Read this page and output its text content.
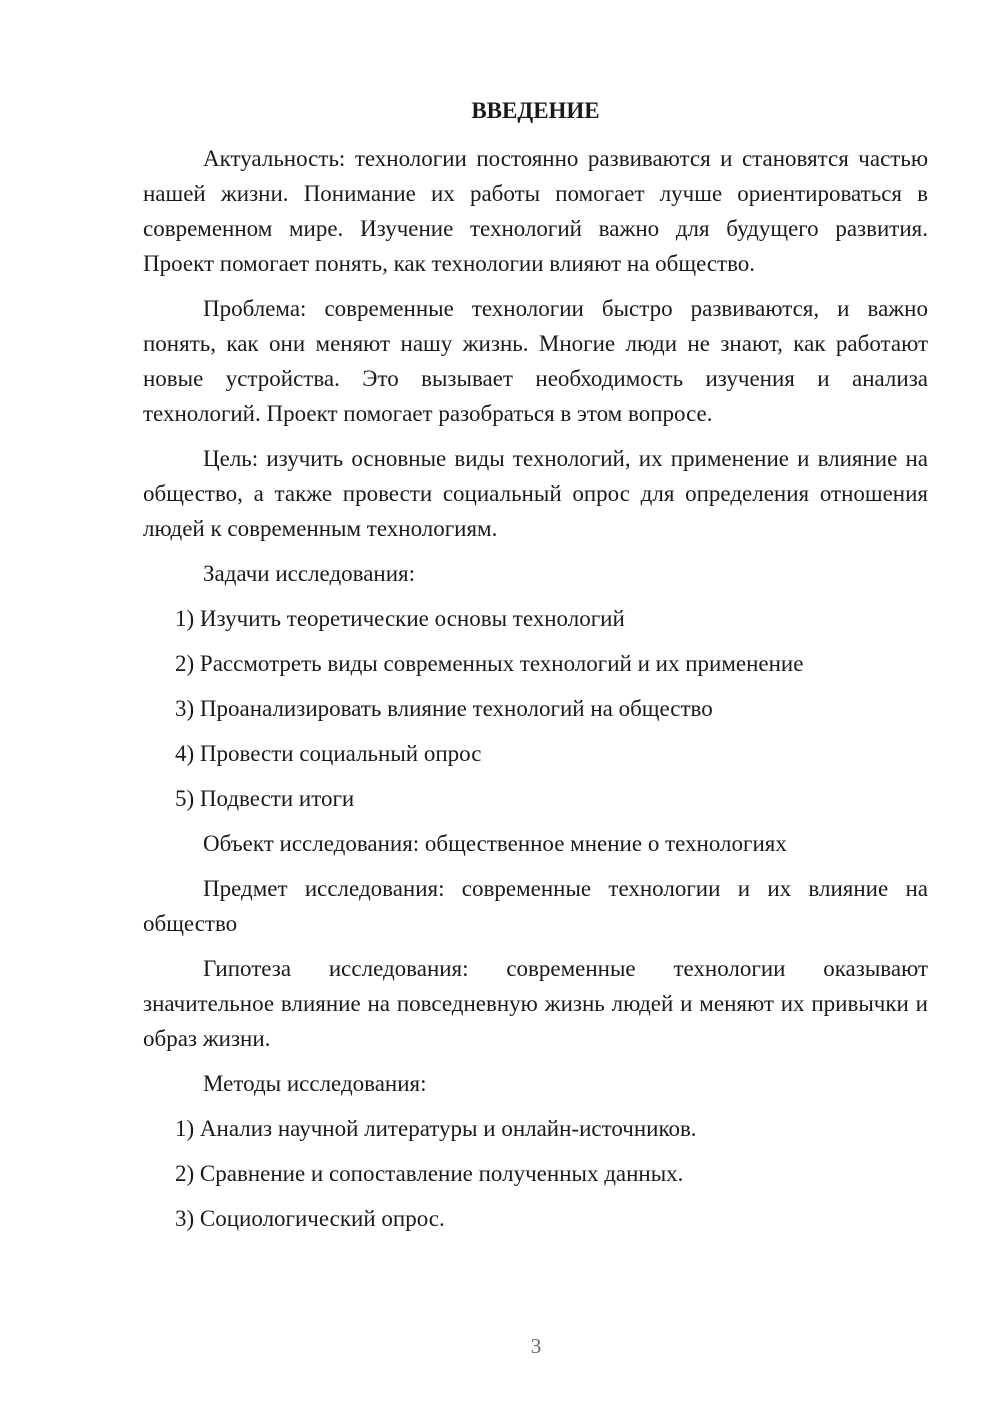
ВВЕДЕНИЕ

Актуальность: технологии постоянно развиваются и становятся частью нашей жизни. Понимание их работы помогает лучше ориентироваться в современном мире. Изучение технологий важно для будущего развития. Проект помогает понять, как технологии влияют на общество.

Проблема: современные технологии быстро развиваются, и важно понять, как они меняют нашу жизнь. Многие люди не знают, как работают новые устройства. Это вызывает необходимость изучения и анализа технологий. Проект помогает разобраться в этом вопросе.

Цель: изучить основные виды технологий, их применение и влияние на общество, а также провести социальный опрос для определения отношения людей к современным технологиям.

Задачи исследования:
1) Изучить теоретические основы технологий
2) Рассмотреть виды современных технологий и их применение
3) Проанализировать влияние технологий на общество
4) Провести социальный опрос
5) Подвести итоги
Объект исследования: общественное мнение о технологиях

Предмет исследования: современные технологии и их влияние на общество

Гипотеза исследования: современные технологии оказывают значительное влияние на повседневную жизнь людей и меняют их привычки и образ жизни.

Методы исследования:
1) Анализ научной литературы и онлайн-источников.
2) Сравнение и сопоставление полученных данных.
3) Социологический опрос.
3
